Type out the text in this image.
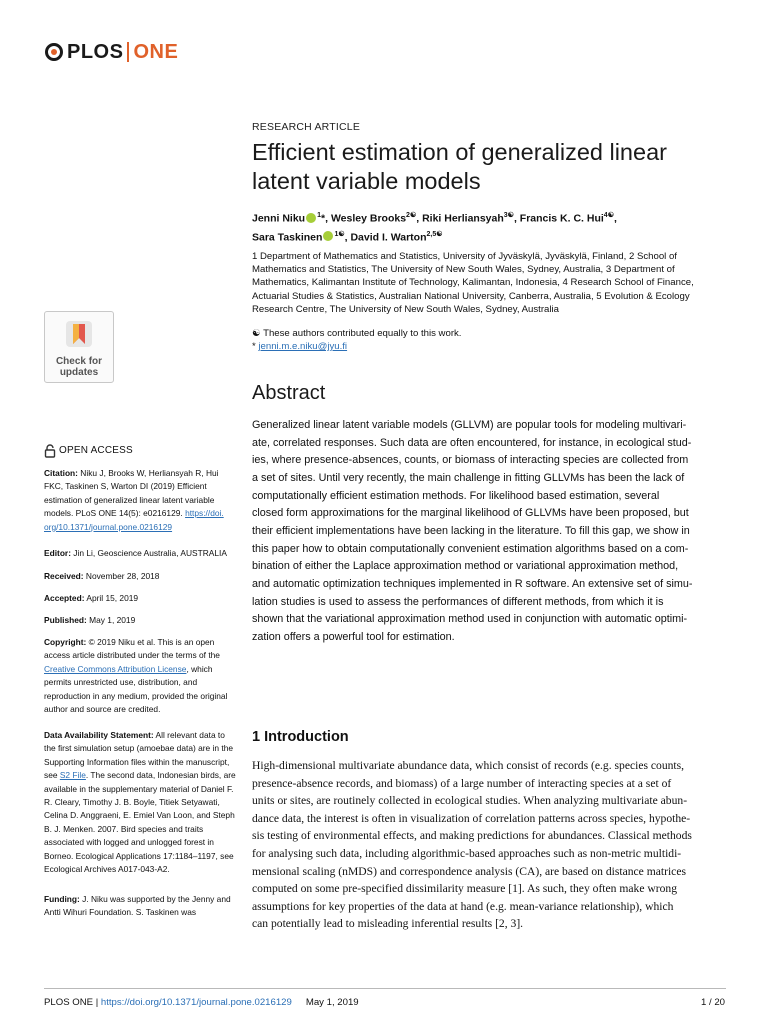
PLOS ONE
Check for
updates
RESEARCH ARTICLE
Efficient estimation of generalized linear
latent variable models
Jenni Niku $^1$*, Wesley Brooks$^{2☯}$, Riki Herliansyah$^{3☯}$, Francis K. C. Hui$^{4☯}$,
Sara Taskinen $^{1☯}$, David I. Warton$^{2,5☯}$
1 Department of Mathematics and Statistics, University of Jyväskylä, Jyväskylä, Finland, 2 School of
Mathematics and Statistics, The University of New South Wales, Sydney, Australia, 3 Department of
Mathematics, Kalimantan Institute of Technology, Kalimantan, Indonesia, 4 Research School of Finance,
Actuarial Studies & Statistics, Australian National University, Canberra, Australia, 5 Evolution & Ecology
Research Centre, The University of New South Wales, Sydney, Australia
☯ These authors contributed equally to this work.
* jenni.m.e.niku@jyu.fi
Abstract
Generalized linear latent variable models (GLLVM) are popular tools for modeling multivari-
ate, correlated responses. Such data are often encountered, for instance, in ecological stud-
ies, where presence-absences, counts, or biomass of interacting species are collected from
a set of sites. Until very recently, the main challenge in fitting GLLVMs has been the lack of
computationally efficient estimation methods. For likelihood based estimation, several
closed form approximations for the marginal likelihood of GLLVMs have been proposed, but
their efficient implementations have been lacking in the literature. To fill this gap, we show in
this paper how to obtain computationally convenient estimation algorithms based on a com-
bination of either the Laplace approximation method or variational approximation method,
and automatic optimization techniques implemented in R software. An extensive set of simu-
lation studies is used to assess the performances of different methods, from which it is
shown that the variational approximation method used in conjunction with automatic optimi-
zation offers a powerful tool for estimation.
1 Introduction
High-dimensional multivariate abundance data, which consist of records (e.g. species counts,
presence-absence records, and biomass) of a large number of interacting species at a set of
units or sites, are routinely collected in ecological studies. When analyzing multivariate abun-
dance data, the interest is often in visualization of correlation patterns across species, hypothe-
sis testing of environmental effects, and making predictions for abundances. Classical methods
for analysing such data, including algorithmic-based approaches such as non-metric multidi-
mensional scaling (nMDS) and correspondence analysis (CA), are based on distance matrices
computed on some pre-specified dissimilarity measure [1]. As such, they often make wrong
assumptions for key properties of the data at hand (e.g. mean-variance relationship), which
can potentially lead to misleading inferential results [2, 3].
OPEN ACCESS
Citation: Niku J, Brooks W, Herliansyah R, Hui
FKC, Taskinen S, Warton DI (2019) Efficient
estimation of generalized linear latent variable
models. PLoS ONE 14(5): e0216129. https://doi.
org/10.1371/journal.pone.0216129
Editor: Jin Li, Geoscience Australia, AUSTRALIA
Received: November 28, 2018
Accepted: April 15, 2019
Published: May 1, 2019
Copyright: © 2019 Niku et al. This is an open
access article distributed under the terms of the
Creative Commons Attribution License, which
permits unrestricted use, distribution, and
reproduction in any medium, provided the original
author and source are credited.
Data Availability Statement: All relevant data to
the first simulation setup (amoebae data) are in the
Supporting Information files within the manuscript,
see S2 File. The second data, Indonesian birds, are
available in the supplementary material of Daniel F.
R. Cleary, Timothy J. B. Boyle, Titiek Setyawati,
Celina D. Anggraeni, E. Emiel Van Loon, and Steph
B. J. Menken. 2007. Bird species and traits
associated with logged and unlogged forest in
Borneo. Ecological Applications 17:1184–1197, see
Ecological Archives A017-043-A2.
Funding: J. Niku was supported by the Jenny and
Antti Wihuri Foundation. S. Taskinen was
PLOS ONE | https://doi.org/10.1371/journal.pone.0216129 May 1, 2019	1 / 20
